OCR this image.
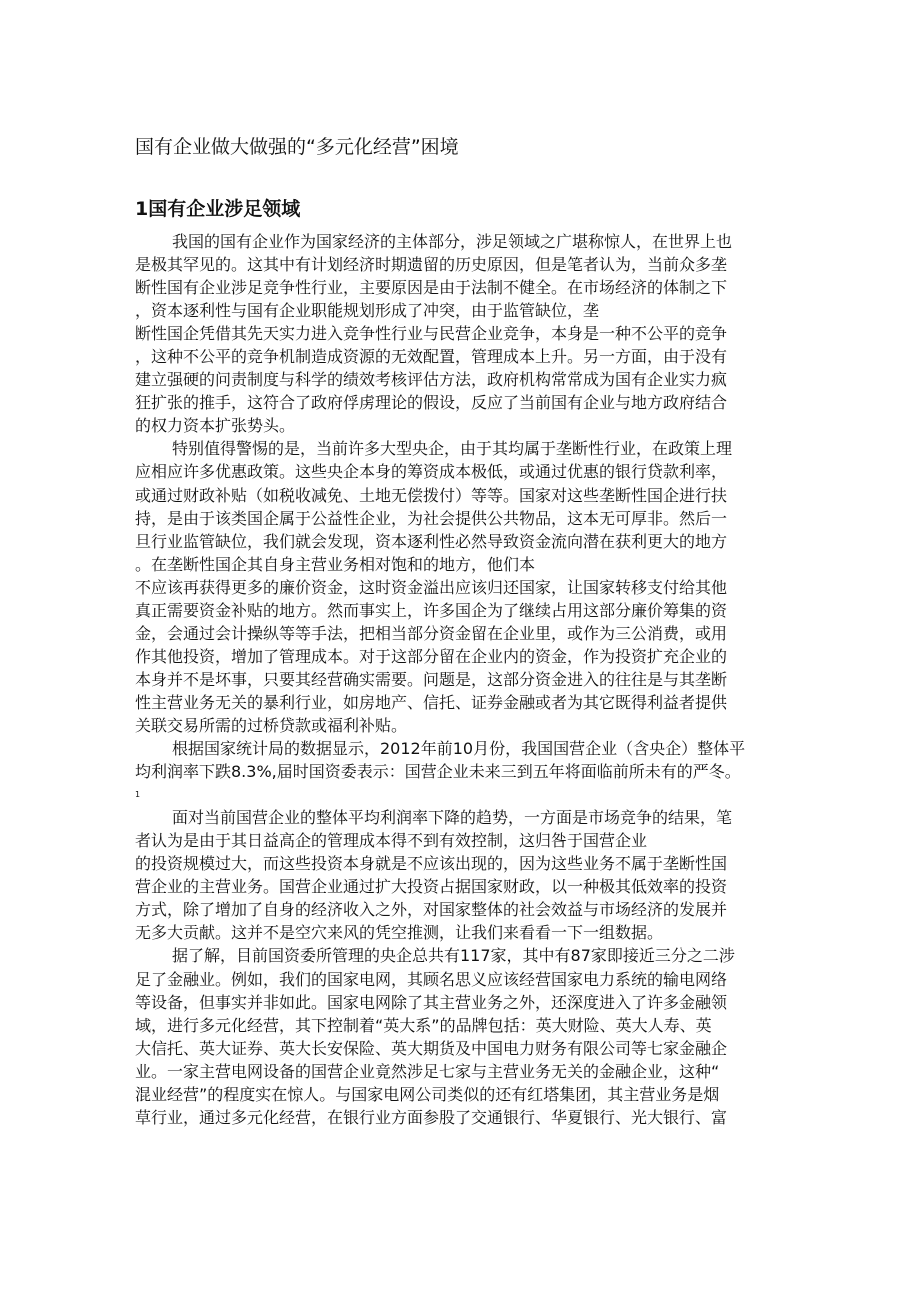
国有企业做大做强的“多元化经营”困境
1国有企业涉足领域
我国的国有企业作为国家经济的主体部分，涉足领域之广堪称惊人，在世界上也
是极其罕见的。这其中有计划经济时期遗留的历史原因，但是笔者认为，当前众多垄
断性国有企业涉足竞争性行业，主要原因是由于法制不健全。在市场经济的体制之下
，资本逐利性与国有企业职能规划形成了冲突，由于监管缺位，垄
断性国企凭借其先天实力进入竞争性行业与民营企业竞争，本身是一种不公平的竞争
，这种不公平的竞争机制造成资源的无效配置，管理成本上升。另一方面，由于没有
建立强硬的问责制度与科学的绩效考核评估方法，政府机构常常成为国有企业实力疯
狂扩张的推手，这符合了政府俘虏理论的假设，反应了当前国有企业与地方政府结合
的权力资本扩张势头。
特别值得警惕的是，当前许多大型央企，由于其均属于垄断性行业，在政策上理
应相应许多优惠政策。这些央企本身的筹资成本极低，或通过优惠的银行贷款利率，
或通过财政补贴（如税收减免、土地无偿拨付）等等。国家对这些垄断性国企进行扶
持，是由于该类国企属于公益性企业，为社会提供公共物品，这本无可厚非。然后一
旦行业监管缺位，我们就会发现，资本逐利性必然导致资金流向潜在获利更大的地方
。在垄断性国企其自身主营业务相对饱和的地方，他们本
不应该再获得更多的廉价资金，这时资金溢出应该归还国家，让国家转移支付给其他
真正需要资金补贴的地方。然而事实上，许多国企为了继续占用这部分廉价筹集的资
金，会通过会计操纵等等手法，把相当部分资金留在企业里，或作为三公消费，或用
作其他投资，增加了管理成本。对于这部分留在企业内的资金，作为投资扩充企业的
本身并不是坏事，只要其经营确实需要。问题是，这部分资金进入的往往是与其垄断
性主营业务无关的暴利行业，如房地产、信托、证券金融或者为其它既得利益者提供
关联交易所需的过桥贷款或福利补贴。
根据国家统计局的数据显示，2012年前10月份，我国国营企业（含央企）整体平
均利润率下跌8.3%,届时国资委表示：国营企业未来三到五年将面临前所未有的严冬。
1
面对当前国营企业的整体平均利润率下降的趋势，一方面是市场竞争的结果，笔
者认为是由于其日益高企的管理成本得不到有效控制，这归咎于国营企业
的投资规模过大，而这些投资本身就是不应该出现的，因为这些业务不属于垄断性国
营企业的主营业务。国营企业通过扩大投资占据国家财政，以一种极其低效率的投资
方式，除了增加了自身的经济收入之外，对国家整体的社会效益与市场经济的发展并
无多大贡献。这并不是空穴来风的凭空推测，让我们来看看一下一组数据。
据了解，目前国资委所管理的央企总共有117家，其中有87家即接近三分之二涉
足了金融业。例如，我们的国家电网，其顾名思义应该经营国家电力系统的输电网络
等设备，但事实并非如此。国家电网除了其主营业务之外，还深度进入了许多金融领
域，进行多元化经营，其下控制着“英大系”的品牌包括：英大财险、英大人寿、英
大信托、英大证券、英大长安保险、英大期货及中国电力财务有限公司等七家金融企
业。一家主营电网设备的国营企业竟然涉足七家与主营业务无关的金融企业，这种“
混业经营”的程度实在惊人。与国家电网公司类似的还有红塔集团，其主营业务是烟
草行业，通过多元化经营，在银行业方面参股了交通银行、华夏银行、光大银行、富
